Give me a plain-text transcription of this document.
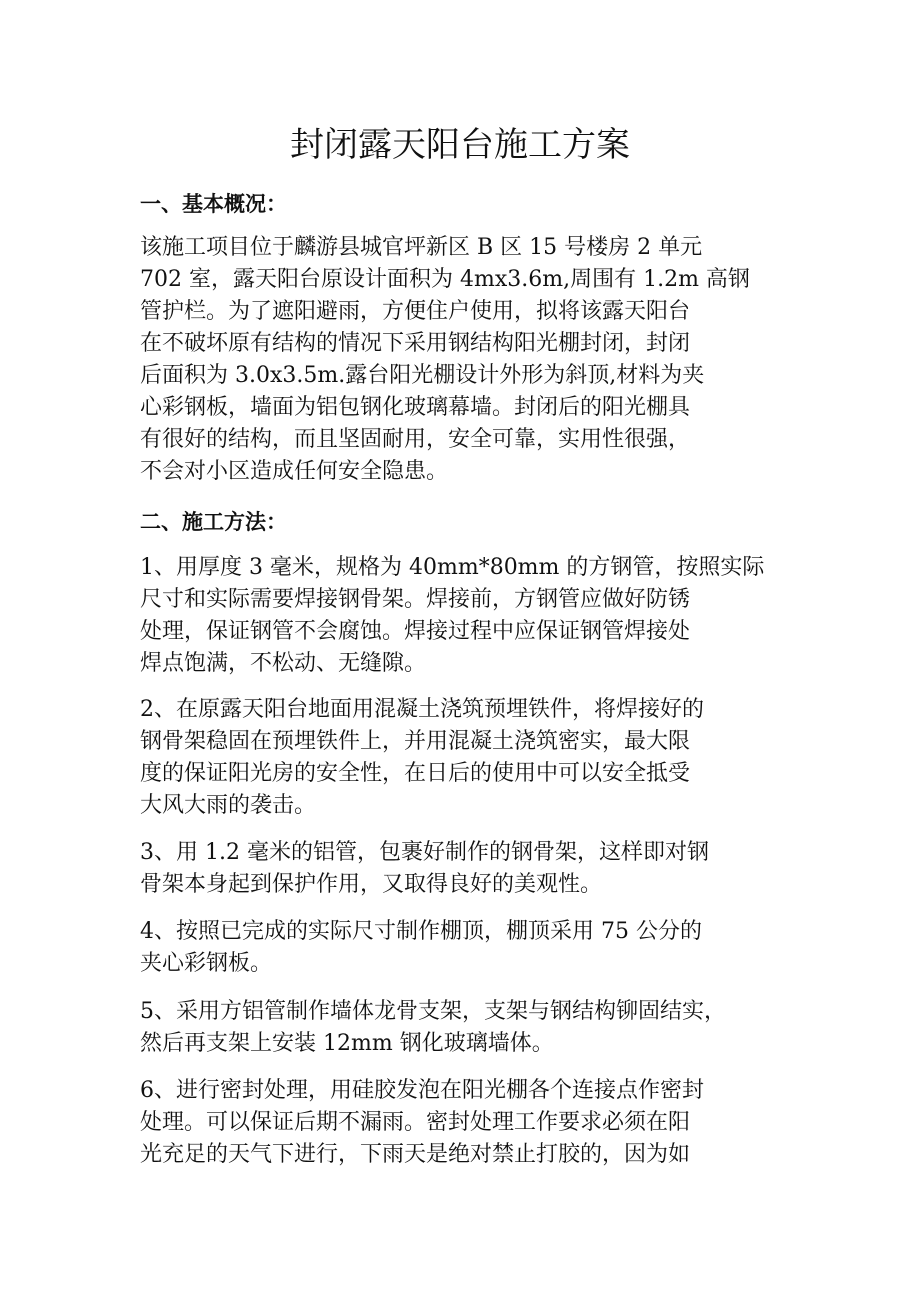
封闭露天阳台施工方案
一、基本概况：
该施工项目位于麟游县城官坪新区 B 区 15 号楼房 2 单元
702 室，露天阳台原设计面积为 4mx3.6m,周围有 1.2m 高钢
管护栏。为了遮阳避雨，方便住户使用，拟将该露天阳台
在不破坏原有结构的情况下采用钢结构阳光棚封闭，封闭
后面积为 3.0x3.5m.露台阳光棚设计外形为斜顶,材料为夹
心彩钢板，墙面为铝包钢化玻璃幕墙。封闭后的阳光棚具
有很好的结构，而且坚固耐用，安全可靠，实用性很强，
不会对小区造成任何安全隐患。
二、施工方法：
1、用厚度 3 毫米，规格为 40mm*80mm 的方钢管，按照实际
尺寸和实际需要焊接钢骨架。焊接前，方钢管应做好防锈
处理，保证钢管不会腐蚀。焊接过程中应保证钢管焊接处
焊点饱满，不松动、无缝隙。
2、在原露天阳台地面用混凝土浇筑预埋铁件，将焊接好的
钢骨架稳固在预埋铁件上，并用混凝土浇筑密实，最大限
度的保证阳光房的安全性，在日后的使用中可以安全抵受
大风大雨的袭击。
3、用 1.2 毫米的铝管，包裹好制作的钢骨架，这样即对钢
骨架本身起到保护作用，又取得良好的美观性。
4、按照已完成的实际尺寸制作棚顶，棚顶采用 75 公分的
夹心彩钢板。
5、采用方铝管制作墙体龙骨支架，支架与钢结构铆固结实，
然后再支架上安装 12mm 钢化玻璃墙体。
6、进行密封处理，用硅胶发泡在阳光棚各个连接点作密封
处理。可以保证后期不漏雨。密封处理工作要求必须在阳
光充足的天气下进行，下雨天是绝对禁止打胶的，因为如
